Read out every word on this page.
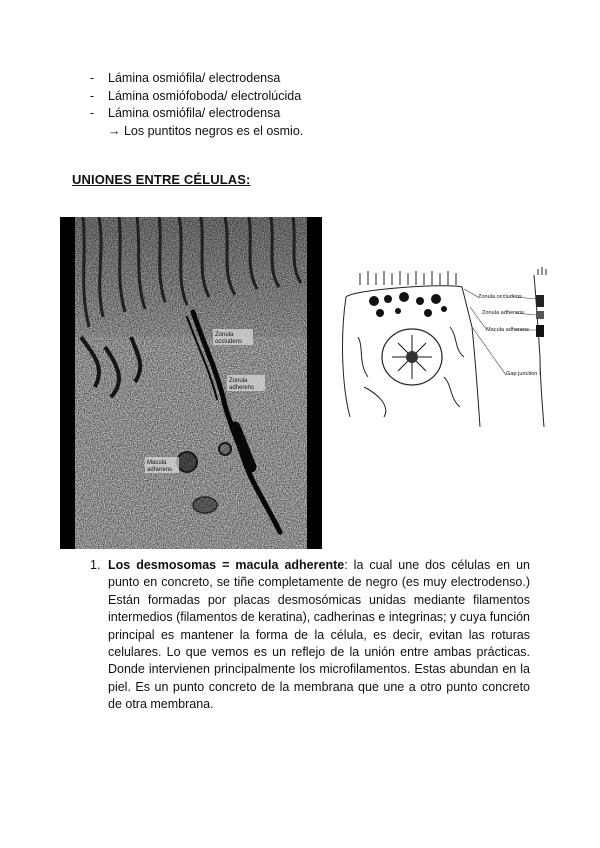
-	Lámina osmiófila/ electrodensa
-	Lámina osmiófoboda/ electrolúcida
-	Lámina osmiófila/ electrodensa
→ Los puntitos negros es el osmio.
UNIONES ENTRE CÉLULAS:
Zonula
occludens
Zonula
adherens
Macula
adherens
Zonula occludens
Zonula adherens
Macula adherens
Gap junction
1. Los desmosomas = macula adherente: la cual une dos células en un punto en concreto, se tiñe completamente de negro (es muy electrodenso.) Están formadas por placas desmosómicas unidas mediante filamentos intermedios (filamentos de keratina), cadherinas e integrinas; y cuya función principal es mantener la forma de la célula, es decir, evitan las roturas celulares. Lo que vemos es un reflejo de la unión entre ambas prácticas. Donde intervienen principalmente los microfilamentos. Estas abundan en la piel. Es un punto concreto de la membrana que une a otro punto concreto de otra membrana.
